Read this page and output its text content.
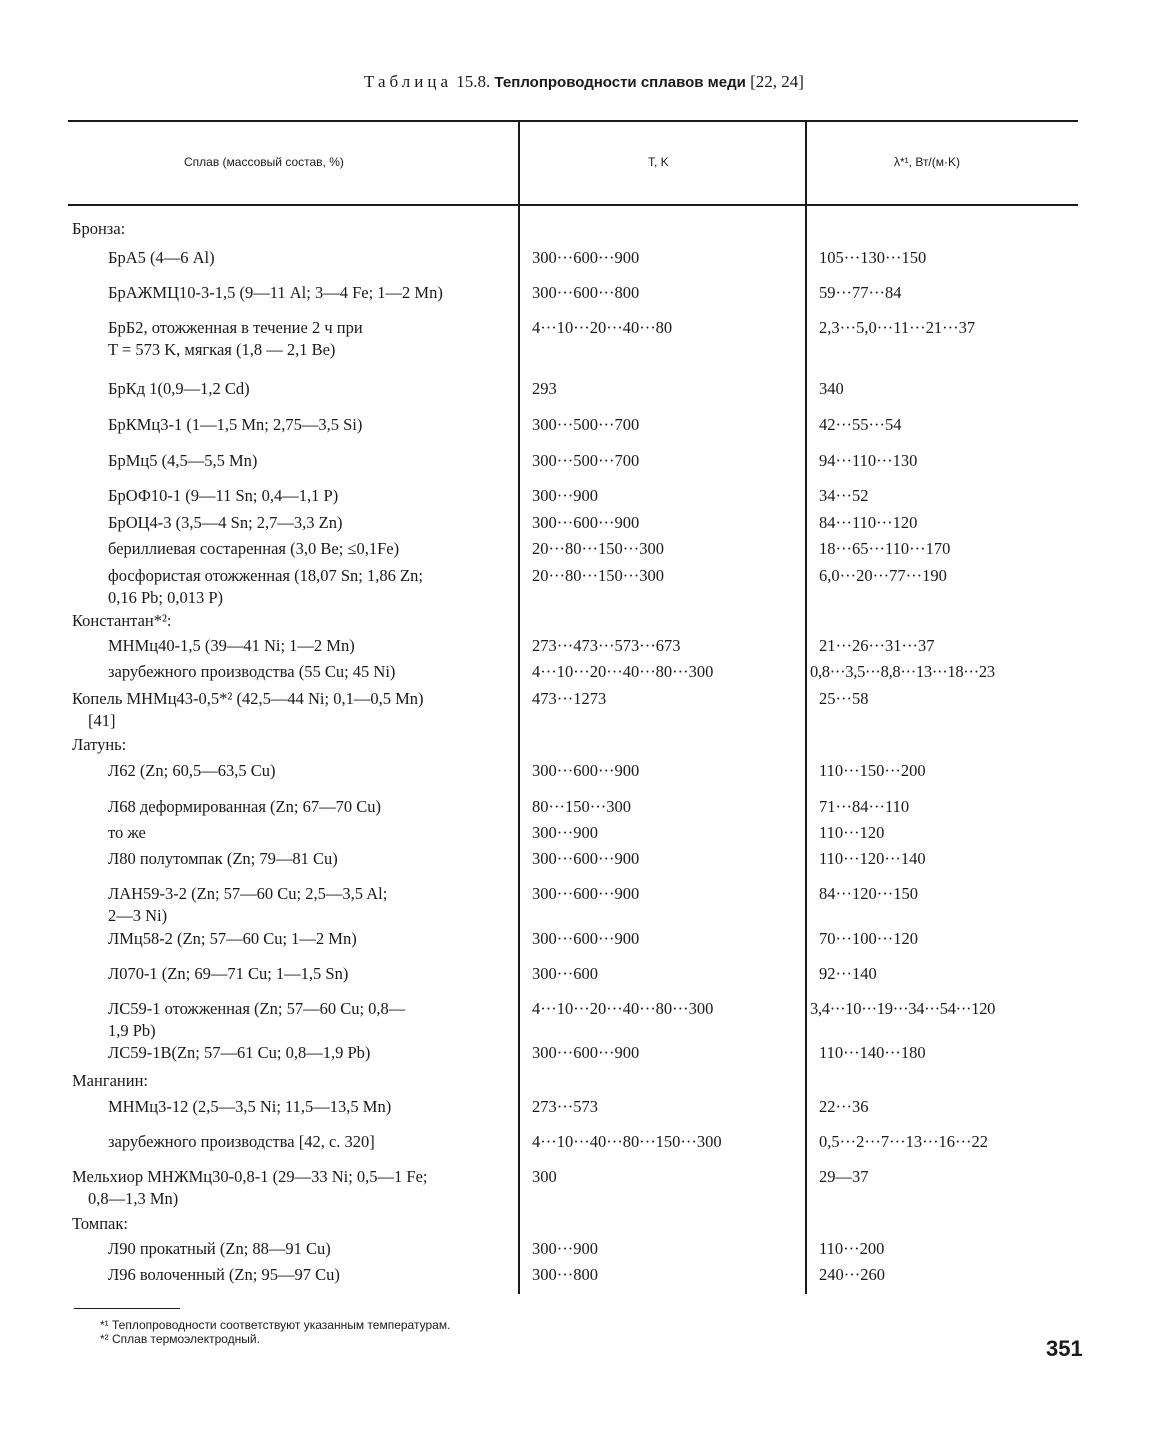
Таблица 15.8. Теплопроводности сплавов меди [22, 24]
Сплав (массовый состав, %)	T, K	λ*¹, Вт/(м·K)
Бронза:
БрА5 (4—6 Al)	300···600···900	105···130···150
БрАЖМЦ10-3-1,5 (9—11 Al; 3—4 Fe; 1—2 Mn)	300···600···800	59···77···84
БрБ2, отожженная в течение 2 ч при
T = 573 K, мягкая (1,8 — 2,1 Be)
4···10···20···40···80	2,3···5,0···11···21···37
БрКд 1(0,9—1,2 Cd)	293	340
БрКМц3-1 (1—1,5 Mn; 2,75—3,5 Si)	300···500···700	42···55···54
БрМц5 (4,5—5,5 Mn)	300···500···700	94···110···130
БрОФ10-1 (9—11 Sn; 0,4—1,1 P)	300···900	34···52
БрОЦ4-3 (3,5—4 Sn; 2,7—3,3 Zn)	300···600···900	84···110···120
бериллиевая состаренная (3,0 Be; ≤0,1Fe)	20···80···150···300	18···65···110···170
фосфористая отожженная (18,07 Sn; 1,86 Zn;
0,16 Pb; 0,013 P)
20···80···150···300	6,0···20···77···190
Константан*²:
МНМц40-1,5 (39—41 Ni; 1—2 Mn)	273···473···573···673	21···26···31···37
зарубежного производства (55 Cu; 45 Ni)	4···10···20···40···80···300	0,8···3,5···8,8···13···18···23
Копель МНМц43-0,5*² (42,5—44 Ni; 0,1—0,5 Mn)
[41]
473···1273	25···58
Латунь:
Л62 (Zn; 60,5—63,5 Cu)	300···600···900	110···150···200
Л68 деформированная (Zn; 67—70 Cu)	80···150···300	71···84···110
то же	300···900	110···120
Л80 полутомпак (Zn; 79—81 Cu)	300···600···900	110···120···140
ЛАН59-3-2 (Zn; 57—60 Cu; 2,5—3,5 Al;
2—3 Ni)
300···600···900	84···120···150
ЛМц58-2 (Zn; 57—60 Cu; 1—2 Mn)	300···600···900	70···100···120
Л070-1 (Zn; 69—71 Cu; 1—1,5 Sn)	300···600	92···140
ЛС59-1 отожженная (Zn; 57—60 Cu; 0,8—
1,9 Pb)
4···10···20···40···80···300	3,4···10···19···34···54···120
ЛС59-1В(Zn; 57—61 Cu; 0,8—1,9 Pb)	300···600···900	110···140···180
Манганин:
МНМц3-12 (2,5—3,5 Ni; 11,5—13,5 Mn)	273···573	22···36
зарубежного производства [42, с. 320]	4···10···40···80···150···300	0,5···2···7···13···16···22
Мельхиор МНЖМц30-0,8-1 (29—33 Ni; 0,5—1 Fe;
0,8—1,3 Mn)
300	29—37
Томпак:
Л90 прокатный (Zn; 88—91 Cu)	300···900	110···200
Л96 волоченный (Zn; 95—97 Cu)	300···800	240···260
*¹ Теплопроводности соответствуют указанным температурам.
*² Сплав термоэлектродный.	351
